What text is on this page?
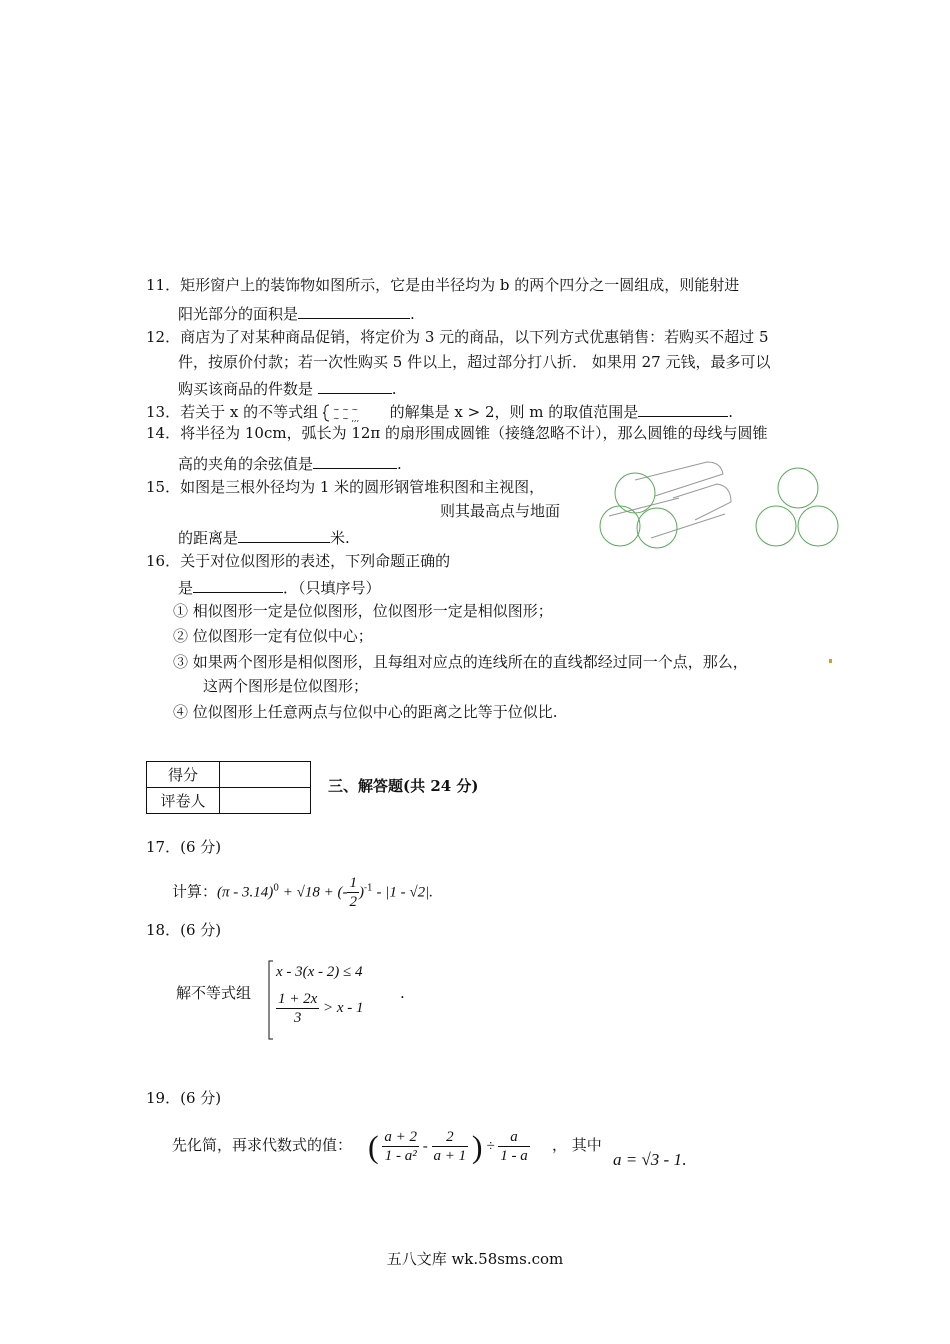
11．矩形窗户上的装饰物如图所示，它是由半径均为 b 的两个四分之一圆组成，则能射进
阳光部分的面积是	.
12．商店为了对某种商品促销，将定价为 3 元的商品，以下列方式优惠销售：若购买不超过 5
件，按原价付款；若一次性购买 5 件以上，超过部分打八折． 如果用 27 元钱，最多可以
购买该商品的件数是	.
13．若关于 x 的不等式组 ∼ ∼ ∼
∼ ∼ ,,, 的解集是 x > 2，则 m 的取值范围是	.
14．将半径为 10cm，弧长为 12π 的扇形围成圆锥（接缝忽略不计），那么圆锥的母线与圆锥
高的夹角的余弦值是	.
15．如图是三根外径均为 1 米的圆形钢管堆积图和主视图，
则其最高点与地面
的距离是	米.
16．关于对位似图形的表述，下列命题正确的
是	．（只填序号）
① 相似图形一定是位似图形，位似图形一定是相似图形；
② 位似图形一定有位似中心；
③ 如果两个图形是相似图形，且每组对应点的连线所在的直线都经过同一个点，那么，
这两个图形是位似图形；
④ 位似图形上任意两点与位似中心的距离之比等于位似比.
得分	
评卷人	
三、解答题(共 24 分)
17．(6 分)
计算：(π - 3.14)$^0$ + √18 + (- $\frac{1}{2} )^{-1} - |1 - √2|$.
18．(6 分)
解不等式组
x - 3(x - 2) ≤ 4
$\frac{1 + 2x}{3} > x - 1$
.
19．(6 分)
先化简，再求代数式的值： ( $\frac{a + 2}{\text{1 - a²}} - \frac{2}{a + 1}$ ) ÷ $\frac{a}{1 - a}$ ， 其中
a = √3 - 1.
五八文库 wk.58sms.com
